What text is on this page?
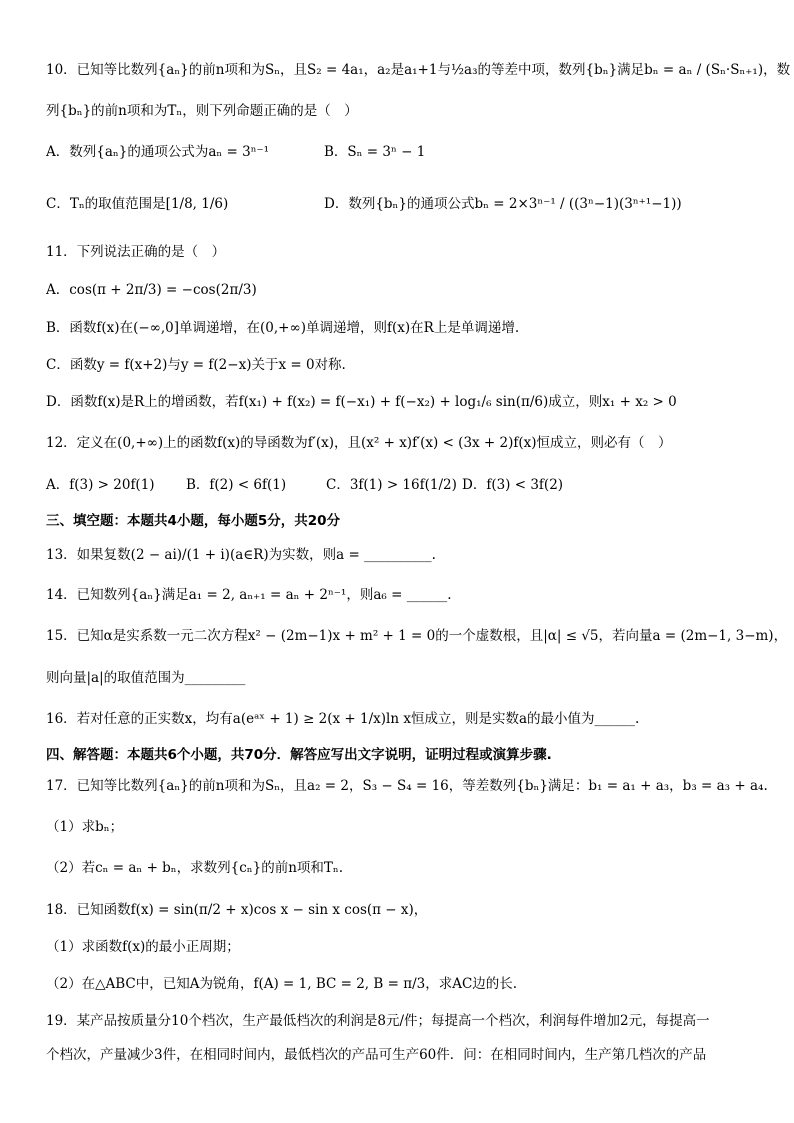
10．已知等比数列{aₙ}的前n项和为Sₙ，且S₂ = 4a₁，a₂是a₁+1与½a₃的等差中项，数列{bₙ}满足bₙ = aₙ / (Sₙ·Sₙ₊₁)，数
列{bₙ}的前n项和为Tₙ，则下列命题正确的是（　）
A．数列{aₙ}的通项公式为aₙ = 3ⁿ⁻¹	B．Sₙ = 3ⁿ − 1
C．Tₙ的取值范围是[1/8, 1/6)	D．数列{bₙ}的通项公式bₙ = 2×3ⁿ⁻¹ / ((3ⁿ−1)(3ⁿ⁺¹−1))
11．下列说法正确的是（　）
A．cos(π + 2π/3) = −cos(2π/3)
B．函数f(x)在(−∞,0]单调递增，在(0,+∞)单调递增，则f(x)在R上是单调递增.
C．函数y = f(x+2)与y = f(2−x)关于x = 0对称.
D．函数f(x)是R上的增函数，若f(x₁) + f(x₂) = f(−x₁) + f(−x₂) + log₁/₆ sin(π/6)成立，则x₁ + x₂ > 0
12．定义在(0,+∞)上的函数f(x)的导函数为f′(x)，且(x² + x)f′(x) < (3x + 2)f(x)恒成立，则必有（　）
A．f(3) > 20f(1) B．f(2) < 6f(1)	C．3f(1) > 16f(1/2) D．f(3) < 3f(2)
三、填空题：本题共4小题，每小题5分，共20分
13．如果复数(2 − ai)/(1 + i)(a∈R)为实数，则a = __________.
14．已知数列{aₙ}满足a₁ = 2, aₙ₊₁ = aₙ + 2ⁿ⁻¹，则a₆ = ______.
15．已知α是实系数一元二次方程x² − (2m−1)x + m² + 1 = 0的一个虚数根，且|α| ≤ √5，若向量a = (2m−1, 3−m)，
则向量|a|的取值范围为_________
16．若对任意的正实数x，均有a(eᵃˣ + 1) ≥ 2(x + 1/x)ln x恒成立，则是实数a的最小值为______.
四、解答题：本题共6个小题，共70分．解答应写出文字说明，证明过程或演算步骤.
17．已知等比数列{aₙ}的前n项和为Sₙ，且a₂ = 2，S₃ − S₄ = 16，等差数列{bₙ}满足：b₁ = a₁ + a₃，b₃ = a₃ + a₄.
（1）求bₙ；
（2）若cₙ = aₙ + bₙ，求数列{cₙ}的前n项和Tₙ.
18．已知函数f(x) = sin(π/2 + x)cos x − sin x cos(π − x)，
（1）求函数f(x)的最小正周期；
（2）在△ABC中，已知A为锐角，f(A) = 1, BC = 2, B = π/3，求AC边的长.
19．某产品按质量分10个档次，生产最低档次的利润是8元/件；每提高一个档次，利润每件增加2元，每提高一
个档次，产量减少3件，在相同时间内，最低档次的产品可生产60件．问：在相同时间内，生产第几档次的产品
